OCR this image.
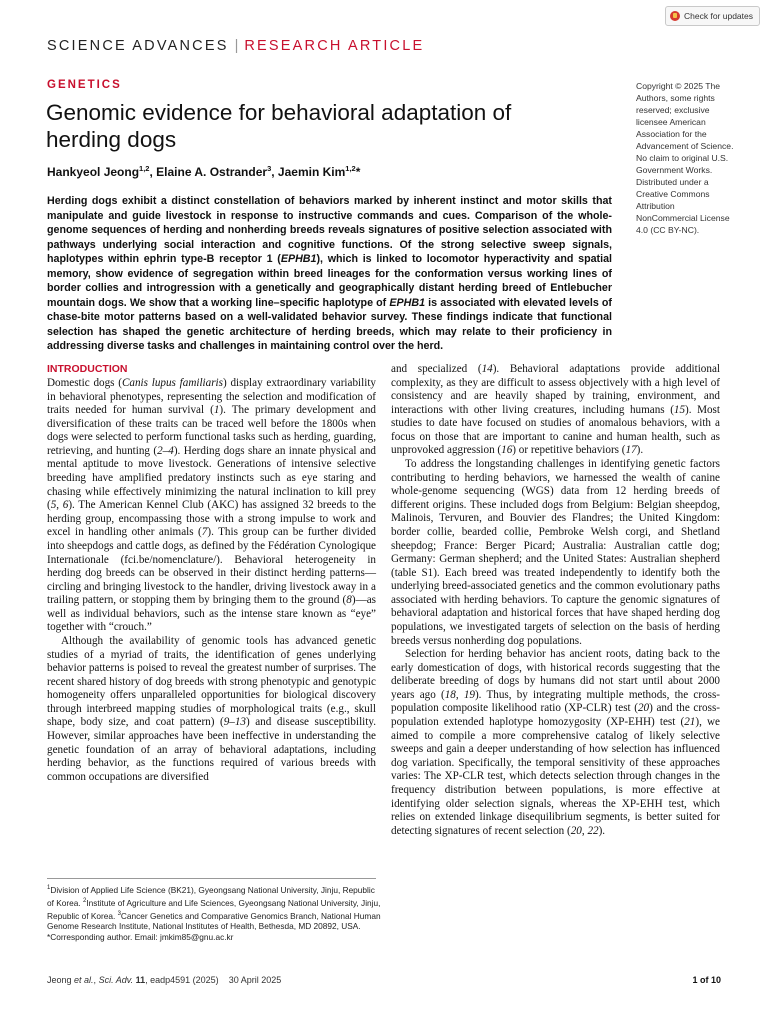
Check for updates
SCIENCE ADVANCES | RESEARCH ARTICLE
GENETICS
Genomic evidence for behavioral adaptation of herding dogs
Hankyeol Jeong$^{1,2}$, Elaine A. Ostrander$^3$, Jaemin Kim$^{1,2}$*

Herding dogs exhibit a distinct constellation of behaviors marked by inherent instinct and motor skills that manipulate and guide livestock in response to instructive commands and cues. Comparison of the whole-genome sequences of herding and nonherding breeds reveals signatures of positive selection associated with pathways underlying social interaction and cognitive functions. Of the strong selective sweep signals, haplotypes within ephrin type-B receptor 1 (EPHB1), which is linked to locomotor hyperactivity and spatial memory, show evidence of segregation within breed lineages for the conformation versus working lines of border collies and introgression with a genetically and geographically distant herding breed of Entlebucher mountain dogs. We show that a working line–specific haplotype of EPHB1 is associated with elevated levels of chase-bite motor patterns based on a well-validated behavior survey. These findings indicate that functional selection has shaped the genetic architecture of herding breeds, which may relate to their proficiency in addressing diverse tasks and challenges in maintaining control over the herd.

Copyright © 2025 The Authors, some rights reserved; exclusive licensee American Association for the Advancement of Science. No claim to original U.S. Government Works. Distributed under a Creative Commons Attribution NonCommercial License 4.0 (CC BY-NC).
INTRODUCTION

Domestic dogs (Canis lupus familiaris) display extraordinary variability in behavioral phenotypes, representing the selection and modification of traits needed for human survival (1). The primary development and diversification of these traits can be traced well before the 1800s when dogs were selected to perform functional tasks such as herding, guarding, retrieving, and hunting (2–4). Herding dogs share an innate physical and mental aptitude to move livestock. Generations of intensive selective breeding have amplified predatory instincts such as eye staring and chasing while effectively minimizing the natural inclination to kill prey (5, 6). The American Kennel Club (AKC) has assigned 32 breeds to the herding group, encompassing those with a strong impulse to work and excel in handling other animals (7). This group can be further divided into sheepdogs and cattle dogs, as defined by the Fédération Cynologique Internationale (fci.be/nomenclature/). Behavioral heterogeneity in herding dog breeds can be observed in their distinct herding patterns—circling and bringing livestock to the handler, driving livestock away in a trailing pattern, or stopping them by bringing them to the ground (8)—as well as individual behaviors, such as the intense stare known as “eye” together with “crouch.”

Although the availability of genomic tools has advanced genetic studies of a myriad of traits, the identification of genes underlying behavior patterns is poised to reveal the greatest number of surprises. The recent shared history of dog breeds with strong phenotypic and genotypic homogeneity offers unparalleled opportunities for biological discovery through interbreed mapping studies of morphological traits (e.g., skull shape, body size, and coat pattern) (9–13) and disease susceptibility. However, similar approaches have been ineffective in understanding the genetic foundation of an array of behavioral adaptations, including herding behavior, as the functions required of various breeds with common occupations are diversified

and specialized (14). Behavioral adaptations provide additional complexity, as they are difficult to assess objectively with a high level of consistency and are heavily shaped by training, environment, and interactions with other living creatures, including humans (15). Most studies to date have focused on studies of anomalous behaviors, with a focus on those that are important to canine and human health, such as unprovoked aggression (16) or repetitive behaviors (17).

To address the longstanding challenges in identifying genetic factors contributing to herding behaviors, we harnessed the wealth of canine whole-genome sequencing (WGS) data from 12 herding breeds of different origins. These included dogs from Belgium: Belgian sheepdog, Malinois, Tervuren, and Bouvier des Flandres; the United Kingdom: border collie, bearded collie, Pembroke Welsh corgi, and Shetland sheepdog; France: Berger Picard; Australia: Australian cattle dog; Germany: German shepherd; and the United States: Australian shepherd (table S1). Each breed was treated independently to identify both the underlying breed-associated genetics and the common evolutionary paths associated with herding behaviors. To capture the genomic signatures of behavioral adaptation and historical forces that have shaped herding dog populations, we investigated targets of selection on the basis of herding breeds versus nonherding dog populations.

Selection for herding behavior has ancient roots, dating back to the early domestication of dogs, with historical records suggesting that the deliberate breeding of dogs by humans did not start until about 2000 years ago (18, 19). Thus, by integrating multiple methods, the cross-population composite likelihood ratio (XP-CLR) test (20) and the cross-population extended haplotype homozygosity (XP-EHH) test (21), we aimed to compile a more comprehensive catalog of likely selective sweeps and gain a deeper understanding of how selection has influenced dog variation. Specifically, the temporal sensitivity of these approaches varies: The XP-CLR test, which detects selection through changes in the frequency distribution between populations, is more effective at identifying older selection signals, whereas the XP-EHH test, which relies on extended linkage disequilibrium segments, is better suited for detecting signatures of recent selection (20, 22).

$^1$Division of Applied Life Science (BK21), Gyeongsang National University, Jinju, Republic of Korea. $^2$Institute of Agriculture and Life Sciences, Gyeongsang National University, Jinju, Republic of Korea. $^3$Cancer Genetics and Comparative Genomics Branch, National Human Genome Research Institute, National Institutes of Health, Bethesda, MD 20892, USA.

*Corresponding author. Email: jmkim85@gnu.ac.kr

Jeong et al., Sci. Adv. 11, eadp4591 (2025) 30 April 2025	1 of 10
